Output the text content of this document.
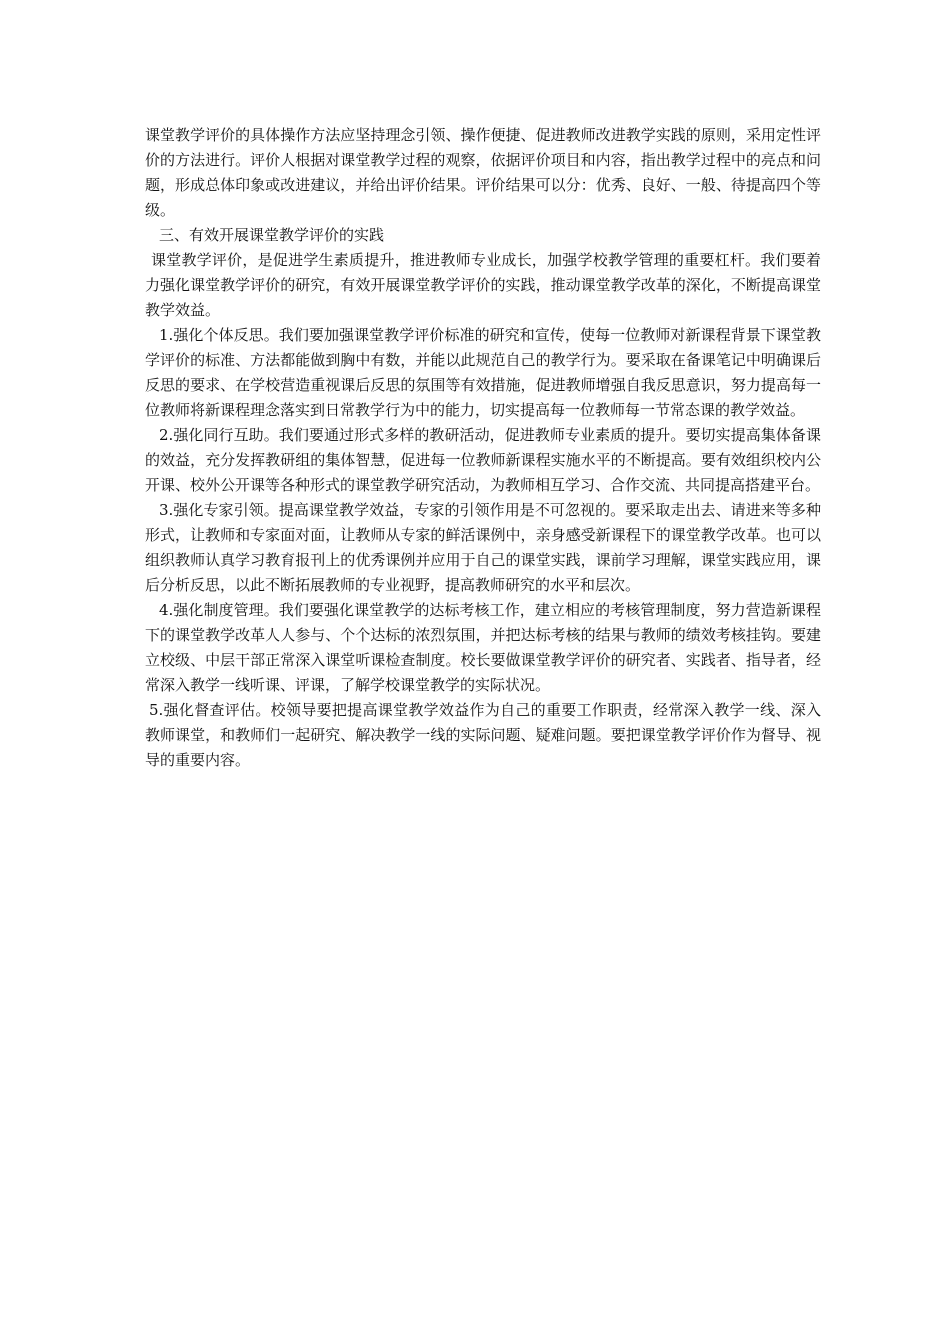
课堂教学评价的具体操作方法应坚持理念引领、操作便捷、促进教师改进教学实践的原则，采用定性评价的方法进行。评价人根据对课堂教学过程的观察，依据评价项目和内容，指出教学过程中的亮点和问题，形成总体印象或改进建议，并给出评价结果。评价结果可以分：优秀、良好、一般、待提高四个等级。

三、有效开展课堂教学评价的实践

课堂教学评价，是促进学生素质提升，推进教师专业成长，加强学校教学管理的重要杠杆。我们要着力强化课堂教学评价的研究，有效开展课堂教学评价的实践，推动课堂教学改革的深化，不断提高课堂教学效益。

1.强化个体反思。我们要加强课堂教学评价标准的研究和宣传，使每一位教师对新课程背景下课堂教学评价的标准、方法都能做到胸中有数，并能以此规范自己的教学行为。要采取在备课笔记中明确课后反思的要求、在学校营造重视课后反思的氛围等有效措施，促进教师增强自我反思意识，努力提高每一位教师将新课程理念落实到日常教学行为中的能力，切实提高每一位教师每一节常态课的教学效益。

2.强化同行互助。我们要通过形式多样的教研活动，促进教师专业素质的提升。要切实提高集体备课的效益，充分发挥教研组的集体智慧，促进每一位教师新课程实施水平的不断提高。要有效组织校内公开课、校外公开课等各种形式的课堂教学研究活动，为教师相互学习、合作交流、共同提高搭建平台。

3.强化专家引领。提高课堂教学效益，专家的引领作用是不可忽视的。要采取走出去、请进来等多种形式，让教师和专家面对面，让教师从专家的鲜活课例中，亲身感受新课程下的课堂教学改革。也可以组织教师认真学习教育报刊上的优秀课例并应用于自己的课堂实践，课前学习理解，课堂实践应用，课后分析反思，以此不断拓展教师的专业视野，提高教师研究的水平和层次。

4.强化制度管理。我们要强化课堂教学的达标考核工作，建立相应的考核管理制度，努力营造新课程下的课堂教学改革人人参与、个个达标的浓烈氛围，并把达标考核的结果与教师的绩效考核挂钩。要建立校级、中层干部正常深入课堂听课检查制度。校长要做课堂教学评价的研究者、实践者、指导者，经常深入教学一线听课、评课，了解学校课堂教学的实际状况。

5.强化督查评估。校领导要把提高课堂教学效益作为自己的重要工作职责，经常深入教学一线、深入教师课堂，和教师们一起研究、解决教学一线的实际问题、疑难问题。要把课堂教学评价作为督导、视导的重要内容。
